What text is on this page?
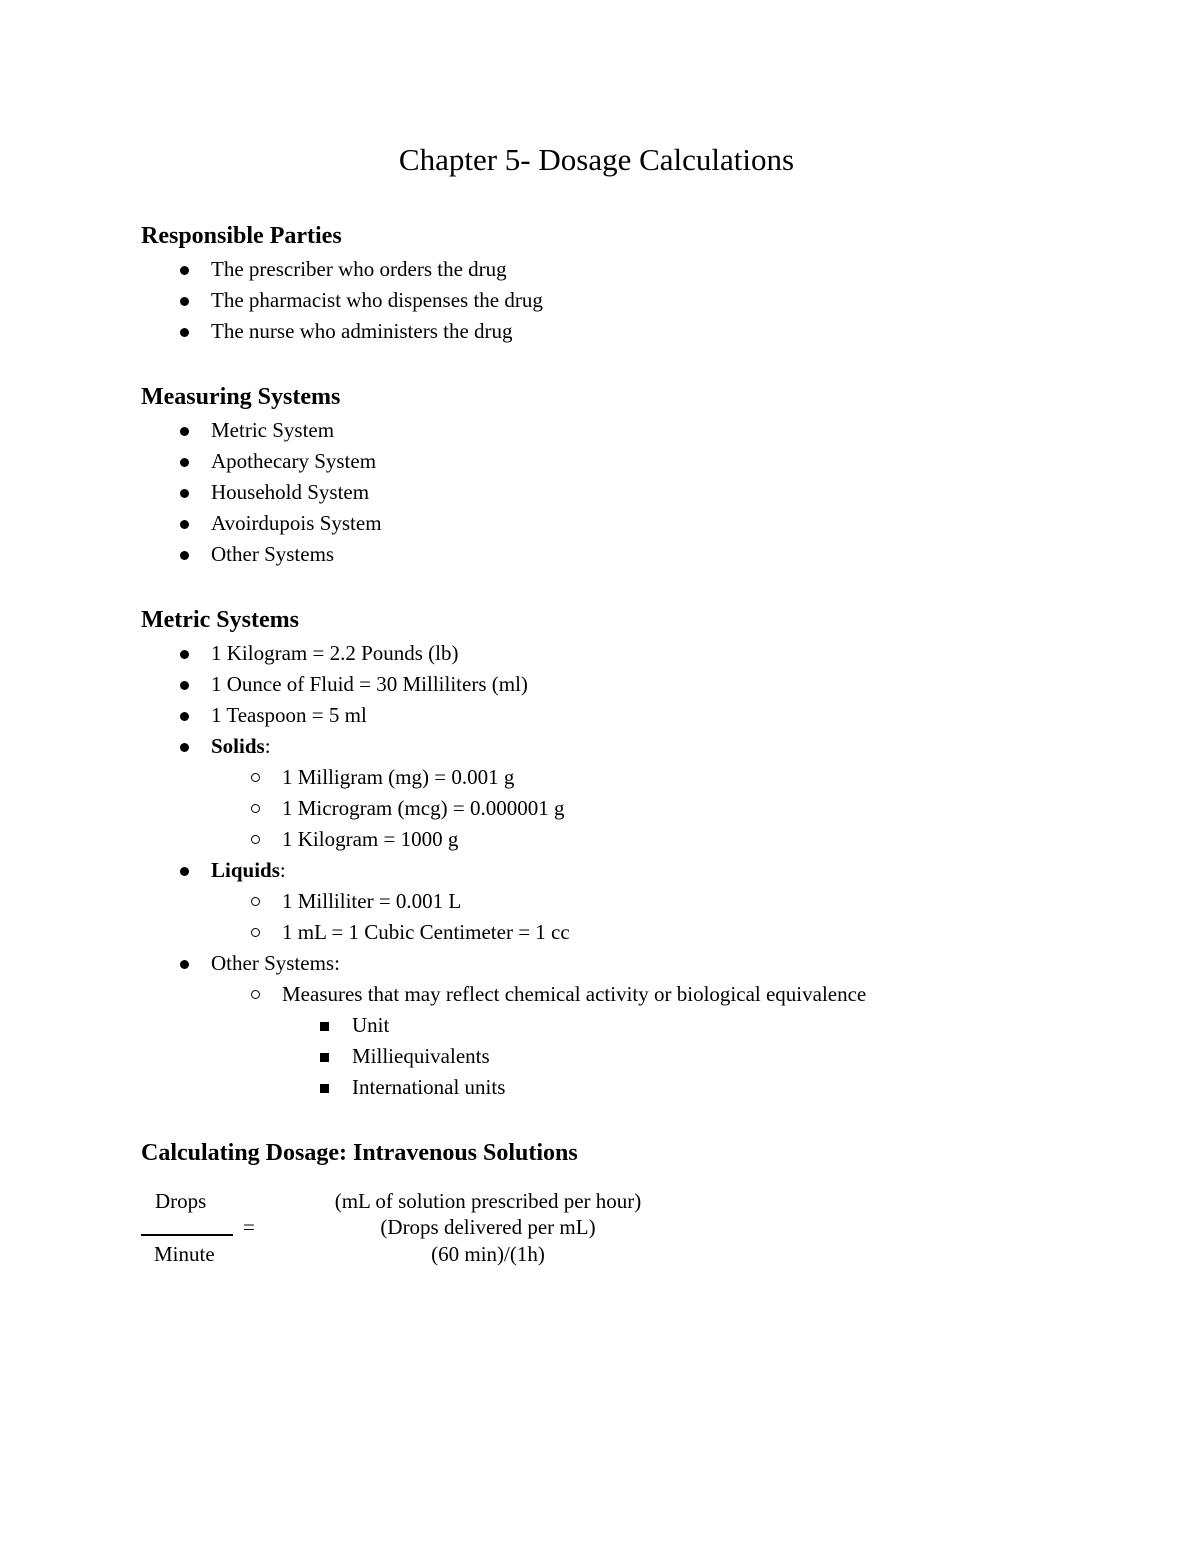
Chapter 5- Dosage Calculations
Responsible Parties
The prescriber who orders the drug
The pharmacist who dispenses the drug
The nurse who administers the drug
Measuring Systems
Metric System
Apothecary System
Household System
Avoirdupois System
Other Systems
Metric Systems
1 Kilogram = 2.2 Pounds (lb)
1 Ounce of Fluid = 30 Milliliters (ml)
1 Teaspoon = 5 ml
Solids:
1 Milligram (mg) = 0.001 g
1 Microgram (mcg) = 0.000001 g
1 Kilogram = 1000 g
Liquids:
1 Milliliter = 0.001 L
1 mL = 1 Cubic Centimeter = 1 cc
Other Systems:
Measures that may reflect chemical activity or biological equivalence
Unit
Milliequivalents
International units
Calculating Dosage: Intravenous Solutions
Drops
=
Minute
(mL of solution prescribed per hour)
(Drops delivered per mL)
(60 min)/(1h)
